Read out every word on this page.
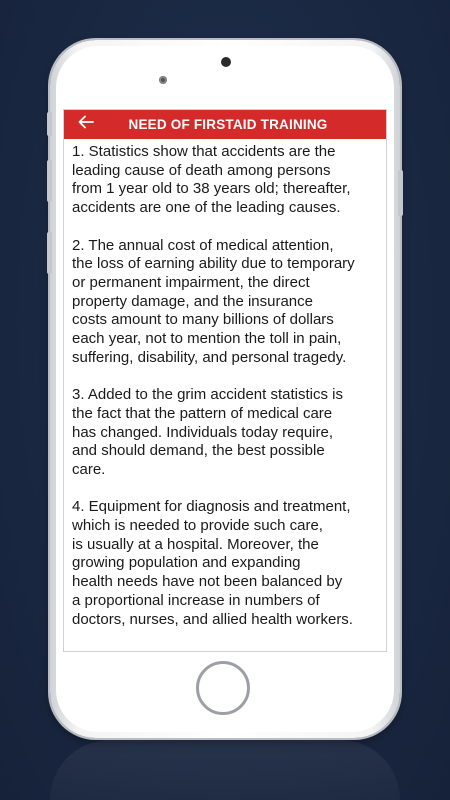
NEED OF FIRSTAID TRAINING

1. Statistics show that accidents are the
leading cause of death among persons
from 1 year old to 38 years old; thereafter,
accidents are one of the leading causes.

2. The annual cost of medical attention,
the loss of earning ability due to temporary
or permanent impairment, the direct
property damage, and the insurance
costs amount to many billions of dollars
each year, not to mention the toll in pain,
suffering, disability, and personal tragedy.

3. Added to the grim accident statistics is
the fact that the pattern of medical care
has changed. Individuals today require,
and should demand, the best possible
care.

4. Equipment for diagnosis and treatment,
which is needed to provide such care,
is usually at a hospital. Moreover, the
growing population and expanding
health needs have not been balanced by
a proportional increase in numbers of
doctors, nurses, and allied health workers.
